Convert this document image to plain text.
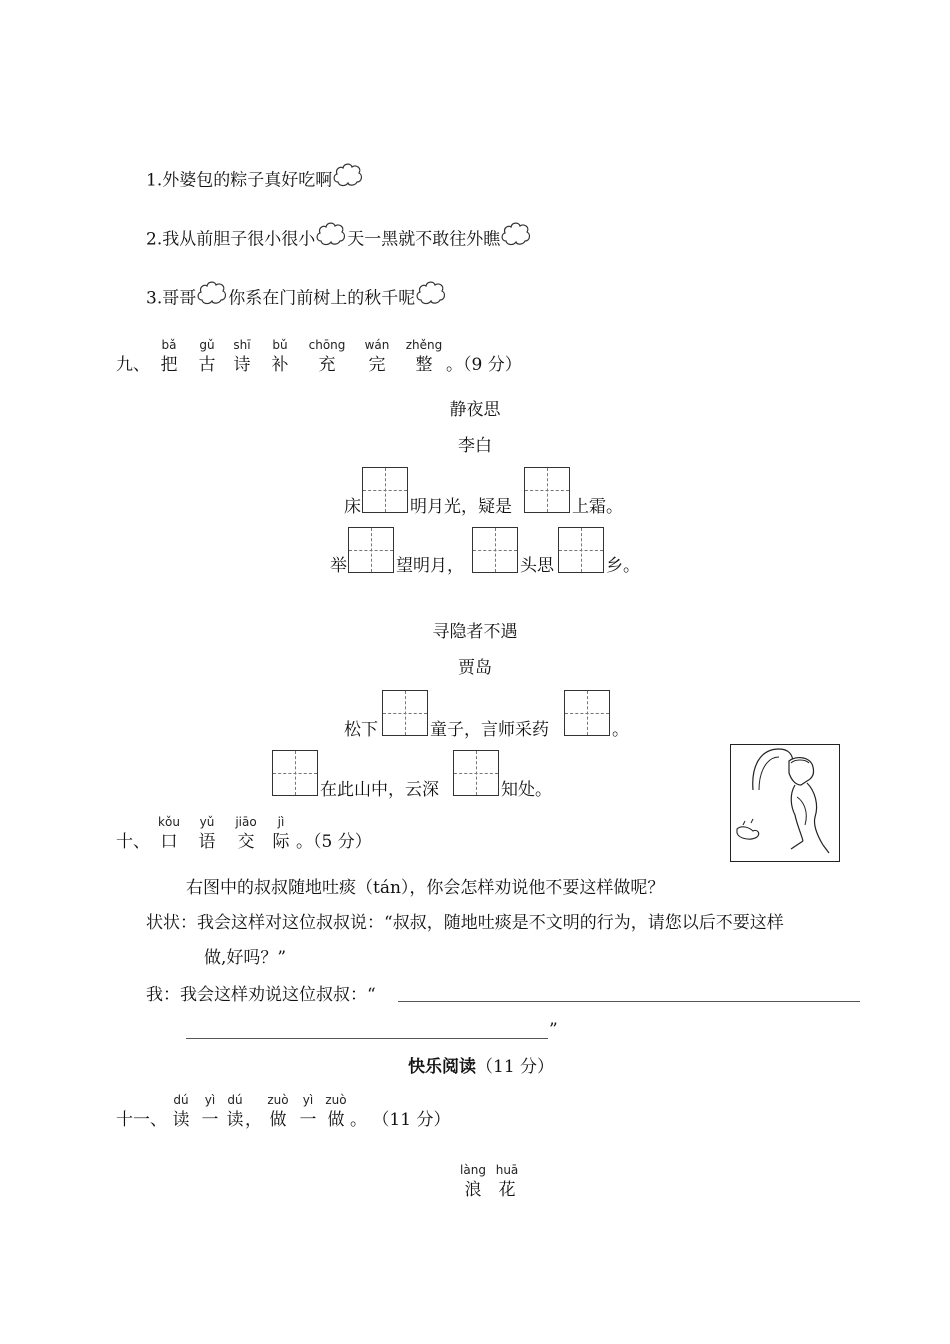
1.外婆包的粽子真好吃啊
2.我从前胆子很小很小 天一黑就不敢往外瞧
3.哥哥 你系在门前树上的秋千呢
九、
bǎ
把
gǔ
古
shī
诗
bǔ
补
chōng
充
wán
完
zhěng
整 。（9 分）
静夜思
李白
床	明月光，疑是	上霜。
举	望明月，	头思	乡。
寻隐者不遇
贾岛
松下	童子，言师采药	。
在此山中，云深	知处。
十、
kǒu
口
yǔ
语
jiāo
交
jì
际 。（5 分）
右图中的叔叔随地吐痰（tán），你会怎样劝说他不要这样做呢？
状状：我会这样对这位叔叔说：“叔叔，随地吐痰是不文明的行为，请您以后不要这样
做,好吗？”
我：我会这样劝说这位叔叔：“
”
快乐阅读（11 分）
十一、
dú
读
yì
一
dú
读，
zuò
做
yì
一
zuò
做 。 （11 分）
làng
浪
huā
花
